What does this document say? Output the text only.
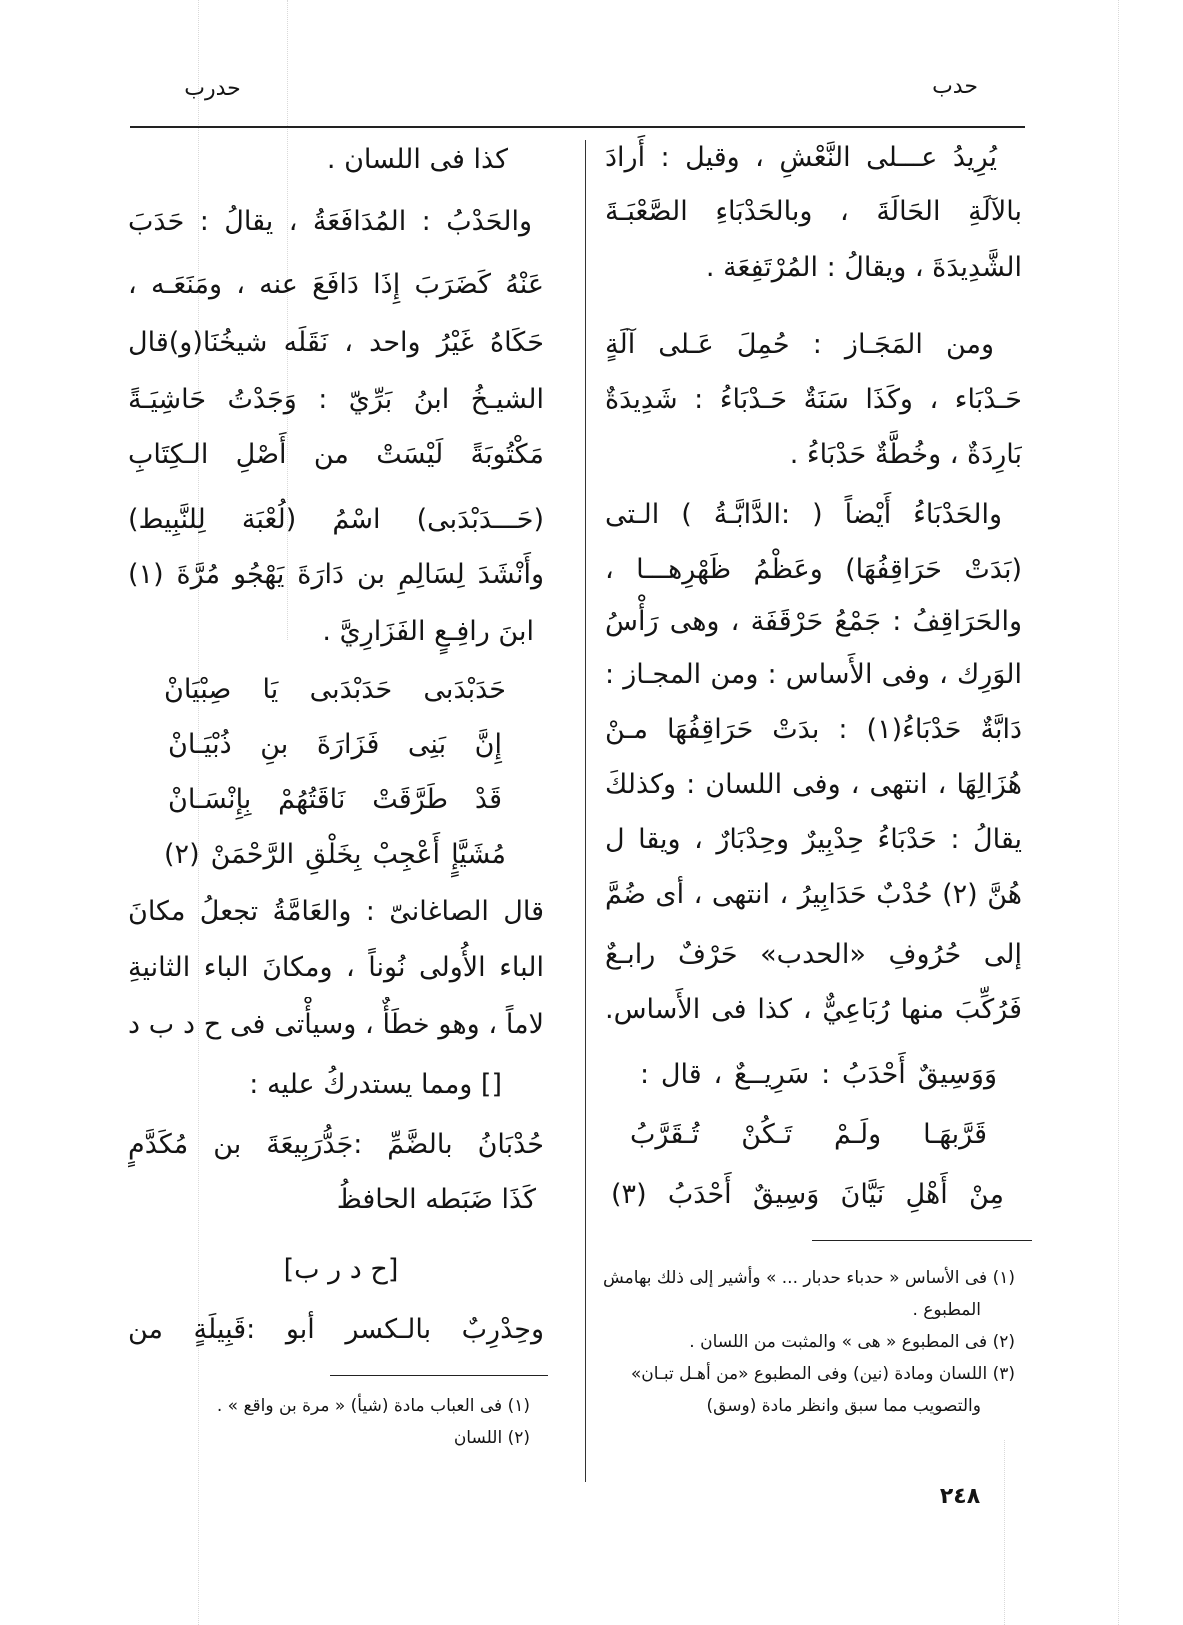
حدب
حدرب
يُرِيدُ عـــلى النَّعْشِ ، وقيل : أَرادَ
بالآلَةِ الحَالَةَ ، وبالحَدْبَاءِ الصَّعْبَـةَ
الشَّدِيدَةَ ، ويقالُ : المُرْتَفِعَة .
ومن المَجَـاز : حُمِلَ عَـلى آلَةٍ
حَـدْبَاء ، وكَذَا سَنَةٌ حَـدْبَاءُ : شَدِيدَةٌ
بَارِدَةٌ ، وخُطَّةٌ حَدْبَاءُ .
والحَدْبَاءُ أَيْضاً ( :الدَّابَّـةُ ) الـتى
(بَدَتْ حَرَاقِفُهَا) وعَظْمُ ظَهْرِهـــا ،
والحَرَاقِفُ : جَمْعُ حَرْقَفَة ، وهى رَأْسُ
الوَرِك ، وفى الأَساس : ومن المجـاز :
دَابَّةٌ حَدْبَاءُ(١) : بدَتْ حَرَاقِفُهَا مـنْ
هُزَالِهَا ، انتهى ، وفى اللسان : وكذلكَ
يقالُ : حَدْبَاءُ حِدْبِيرٌ وحِدْبَارٌ ، ويقا ل
هُنَّ (٢) حُدْبٌ حَدَابِيرُ ، انتهى ، أى ضُمَّ
إلى حُرُوفِ «الحدب» حَرْفٌ رابـعٌ
فَرُكِّبَ منها رُبَاعِيٌّ ، كذا فى الأَساس.
وَوَسِيقٌ أَحْدَبُ : سَرِيــعٌ ، قال :
قَرَّبهَـا ولَـمْ تَـكُنْ تُـقَرَّبُ
مِنْ أَهْلِ نَيَّانَ وَسِيقٌ أَحْدَبُ (٣)

(١) فى الأساس « حدباء حدبار ... » وأشير إلى ذلك بهامش المطبوع .

(٢) فى المطبوع « هى » والمثبت من اللسان .

(٣) اللسان ومادة (نين) وفى المطبوع «من أهـل تبـان» والتصويب مما سبق وانظر مادة (وسق)

٢٤٨
كذا فى اللسان .
والحَدْبُ : المُدَافَعَةُ ، يقالُ : حَدَبَ
عَنْهُ كَضَرَبَ إِذَا دَافَعَ عنه ، ومَنَعَـه ،
حَكَاهُ غَيْرُ واحد ، نَقَلَه شيخُنَا(و)قال
الشيـخُ ابنُ بَرِّيّ : وَجَدْتُ حَاشِيَـةً
مَكْتُوبَةً لَيْسَتْ من أَصْلِ الـكِتَابِ
(حَـــدَبْدَبى) اسْمُ (لُعْبَة لِلنَّبِيط)
وأَنْشَدَ لِسَالِمِ بن دَارَةَ يَهْجُو مُرَّةَ (١)
ابنَ رافِـعٍ الفَزَارِيَّ .
حَدَبْدَبى حَدَبْدَبى يَا صِبْيَانْ
إِنَّ بَنِى فَزَارَةَ بنِ ذُبْيَـانْ
قَدْ طَرَّقَتْ نَاقَتُهُمْ بِإِنْسَـانْ
مُشَيَّإٍ أَعْجِبْ بِخَلْقِ الرَّحْمَنْ (٢)
قال الصاغانىّ : والعَامَّةُ تجعلُ مكانَ
الباء الأُولى نُوناً ، ومكانَ الباء الثانيةِ
لاماً ، وهو خطَأٌ ، وسيأْتى فى ح د ب د
[] ومما يستدركُ عليه :
حُدْبَانُ بالضَّمِّ :جَدُّرَبِيعَةَ بن مُكَدَّمٍ
كَذَا ضَبَطه الحافظُ
[ح د ر ب]
وحِدْرِبٌ بالـكسر أبو :قَبِيلَةٍ من

(١) فى العباب مادة (شيأ) « مرة بن واقع » .

(٢) اللسان
